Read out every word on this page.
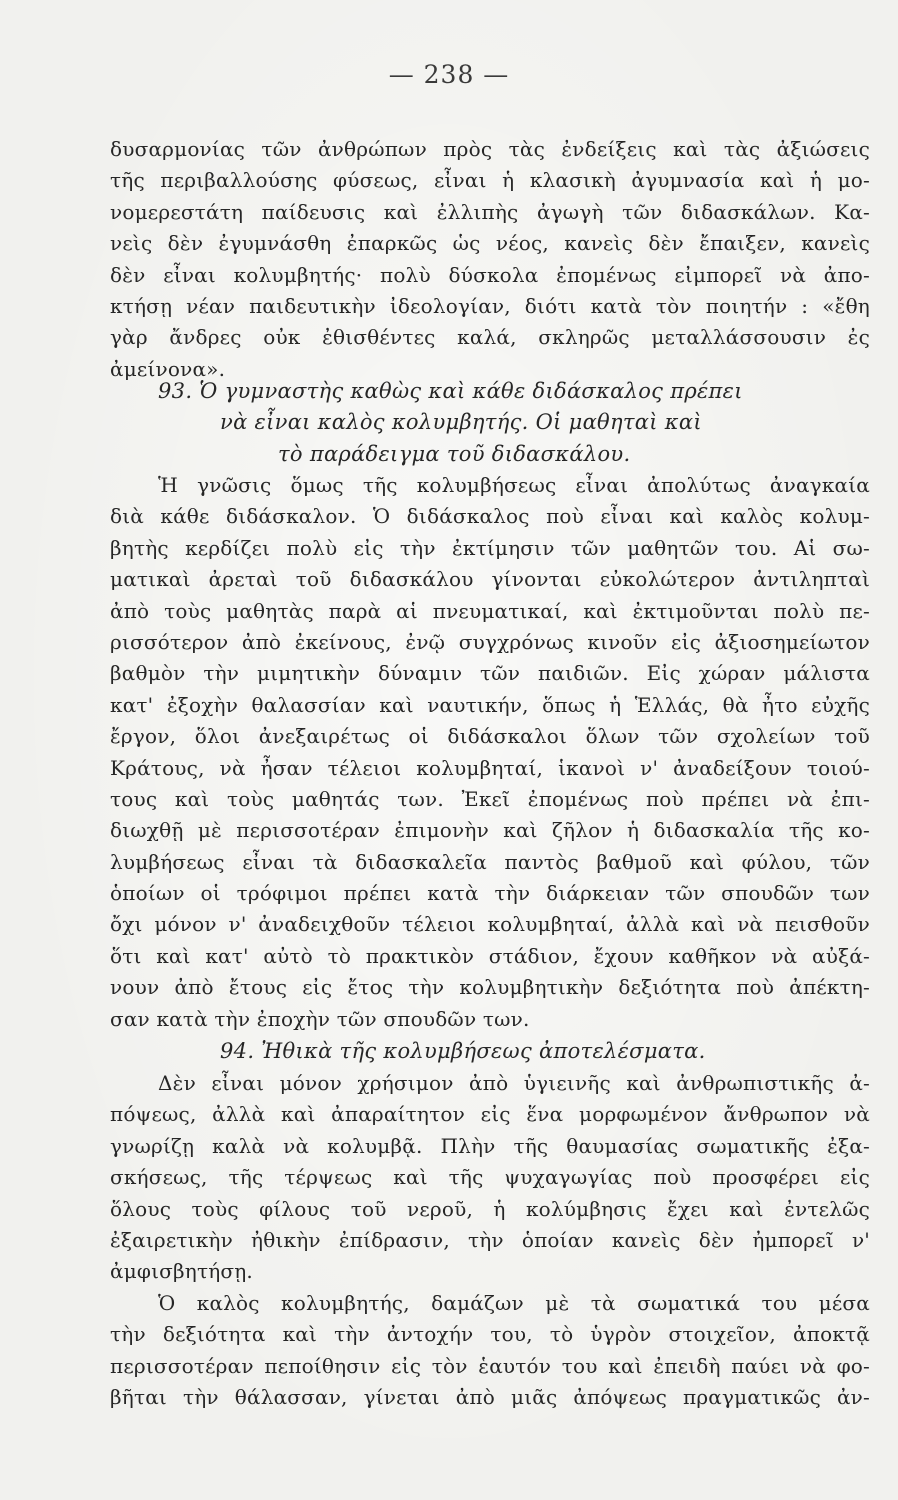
— 238 —
δυσαρμονίας τῶν ἀνθρώπων πρὸς τὰς ἐνδείξεις καὶ τὰς ἀξιώσεις
τῆς περιβαλλούσης φύσεως, εἶναι ἡ κλασικὴ ἀγυμνασία καὶ ἡ μο-
νομερεστάτη παίδευσις καὶ ἐλλιπὴς ἀγωγὴ τῶν διδασκάλων. Κα-
νεὶς δὲν ἐγυμνάσθη ἐπαρκῶς ὡς νέος, κανεὶς δὲν ἔπαιξεν, κανεὶς
δὲν εἶναι κολυμβητής· πολὺ δύσκολα ἐπομένως εἰμπορεῖ νὰ ἀπο-
κτήσῃ νέαν παιδευτικὴν ἰδεολογίαν, διότι κατὰ τὸν ποιητήν : «ἔθη
γὰρ ἄνδρες οὐκ ἐθισθέντες καλά, σκληρῶς μεταλλάσσουσιν ἐς
ἀμείνονα».
93. Ὁ γυμναστὴς καθὼς καὶ κάθε διδάσκαλος πρέπει
νὰ εἶναι καλὸς κολυμβητής. Οἱ μαθηταὶ καὶ
τὸ παράδειγμα τοῦ διδασκάλου.
Ἡ γνῶσις ὅμως τῆς κολυμβήσεως εἶναι ἀπολύτως ἀναγκαία
διὰ κάθε διδάσκαλον. Ὁ διδάσκαλος ποὺ εἶναι καὶ καλὸς κολυμ-
βητὴς κερδίζει πολὺ εἰς τὴν ἐκτίμησιν τῶν μαθητῶν του. Αἱ σω-
ματικαὶ ἀρεταὶ τοῦ διδασκάλου γίνονται εὐκολώτερον ἀντιληπταὶ
ἀπὸ τοὺς μαθητὰς παρὰ αἱ πνευματικαί, καὶ ἐκτιμοῦνται πολὺ πε-
ρισσότερον ἀπὸ ἐκείνους, ἐνῷ συγχρόνως κινοῦν εἰς ἀξιοσημείωτον
βαθμὸν τὴν μιμητικὴν δύναμιν τῶν παιδιῶν. Εἰς χώραν μάλιστα
κατ' ἐξοχὴν θαλασσίαν καὶ ναυτικήν, ὅπως ἡ Ἑλλάς, θὰ ἦτο εὐχῆς
ἔργον, ὅλοι ἀνεξαιρέτως οἱ διδάσκαλοι ὅλων τῶν σχολείων τοῦ
Κράτους, νὰ ἦσαν τέλειοι κολυμβηταί, ἱκανοὶ ν' ἀναδείξουν τοιού-
τους καὶ τοὺς μαθητάς των. Ἐκεῖ ἐπομένως ποὺ πρέπει νὰ ἐπι-
διωχθῇ μὲ περισσοτέραν ἐπιμονὴν καὶ ζῆλον ἡ διδασκαλία τῆς κο-
λυμβήσεως εἶναι τὰ διδασκαλεῖα παντὸς βαθμοῦ καὶ φύλου, τῶν
ὁποίων οἱ τρόφιμοι πρέπει κατὰ τὴν διάρκειαν τῶν σπουδῶν των
ὄχι μόνον ν' ἀναδειχθοῦν τέλειοι κολυμβηταί, ἀλλὰ καὶ νὰ πεισθοῦν
ὅτι καὶ κατ' αὐτὸ τὸ πρακτικὸν στάδιον, ἔχουν καθῆκον νὰ αὐξά-
νουν ἀπὸ ἔτους εἰς ἔτος τὴν κολυμβητικὴν δεξιότητα ποὺ ἀπέκτη-
σαν κατὰ τὴν ἐποχὴν τῶν σπουδῶν των.
94. Ἠθικὰ τῆς κολυμβήσεως ἀποτελέσματα.
Δὲν εἶναι μόνον χρήσιμον ἀπὸ ὑγιεινῆς καὶ ἀνθρωπιστικῆς ἀ-
πόψεως, ἀλλὰ καὶ ἀπαραίτητον εἰς ἕνα μορφωμένον ἄνθρωπον νὰ
γνωρίζῃ καλὰ νὰ κολυμβᾷ. Πλὴν τῆς θαυμασίας σωματικῆς ἐξα-
σκήσεως, τῆς τέρψεως καὶ τῆς ψυχαγωγίας ποὺ προσφέρει εἰς
ὅλους τοὺς φίλους τοῦ νεροῦ, ἡ κολύμβησις ἔχει καὶ ἐντελῶς
ἐξαιρετικὴν ἠθικὴν ἐπίδρασιν, τὴν ὁποίαν κανεὶς δὲν ἠμπορεῖ ν'
ἀμφισβητήσῃ.
Ὁ καλὸς κολυμβητής, δαμάζων μὲ τὰ σωματικά του μέσα
τὴν δεξιότητα καὶ τὴν ἀντοχήν του, τὸ ὑγρὸν στοιχεῖον, ἀποκτᾷ
περισσοτέραν πεποίθησιν εἰς τὸν ἑαυτόν του καὶ ἐπειδὴ παύει νὰ φο-
βῆται τὴν θάλασσαν, γίνεται ἀπὸ μιᾶς ἀπόψεως πραγματικῶς ἀν-
